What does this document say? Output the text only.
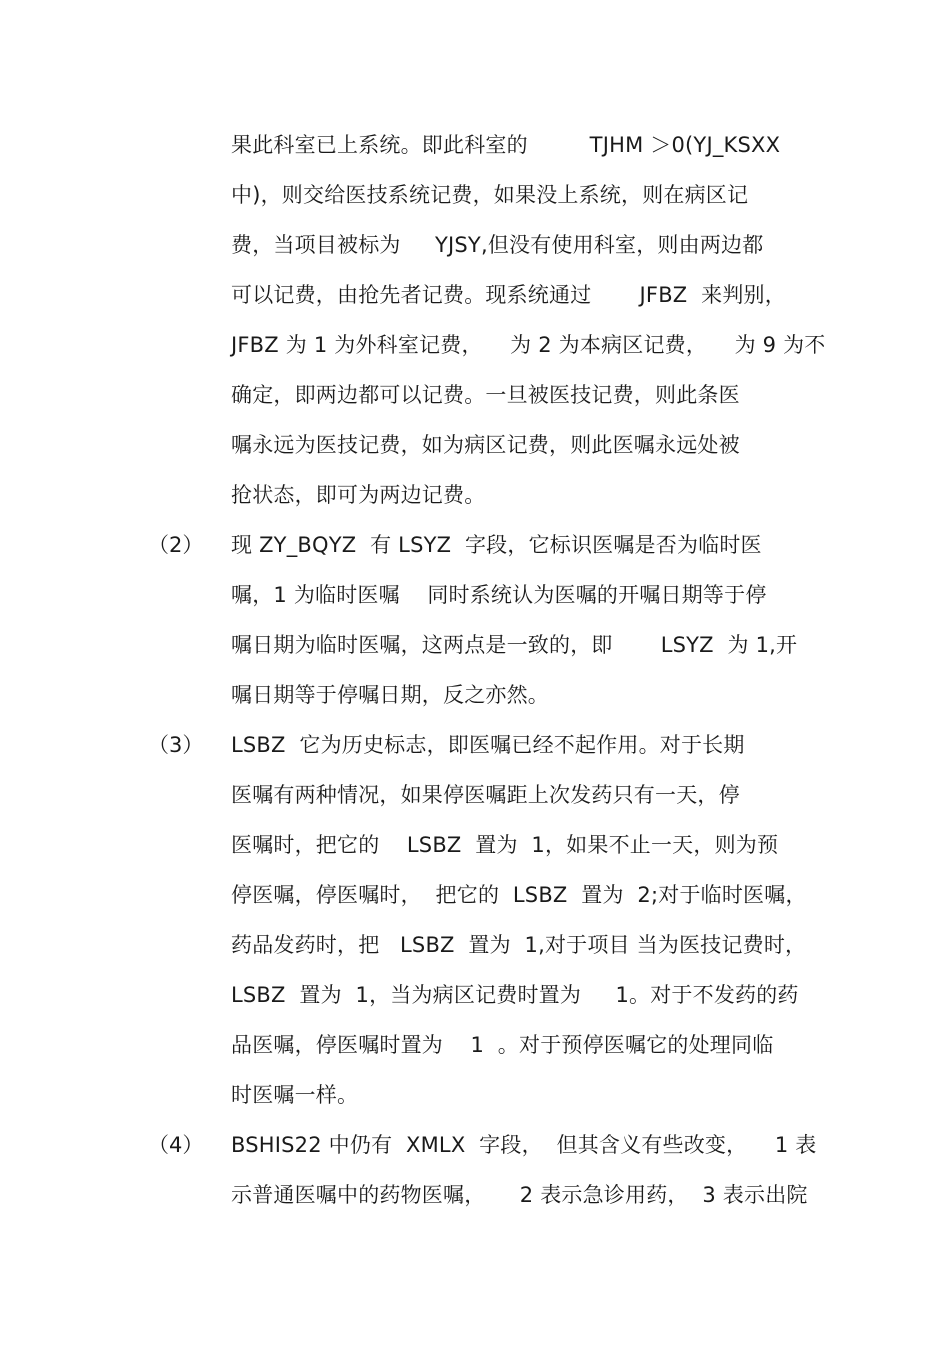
果此科室已上系统。即此科室的         TJHM ＞0(YJ_KSXX
中)，则交给医技系统记费，如果没上系统，则在病区记
费，当项目被标为     YJSY,但没有使用科室，则由两边都
可以记费，由抢先者记费。现系统通过       JFBZ  来判别，
JFBZ 为 1 为外科室记费，    为 2 为本病区记费，    为 9 为不
确定，即两边都可以记费。一旦被医技记费，则此条医
嘱永远为医技记费，如为病区记费，则此医嘱永远处被
抢状态，即可为两边记费。
（2） 现 ZY_BQYZ  有 LSYZ  字段，它标识医嘱是否为临时医
嘱，1 为临时医嘱    同时系统认为医嘱的开嘱日期等于停
嘱日期为临时医嘱，这两点是一致的，即       LSYZ  为 1,开
嘱日期等于停嘱日期，反之亦然。
（3） LSBZ  它为历史标志，即医嘱已经不起作用。对于长期
医嘱有两种情况，如果停医嘱距上次发药只有一天，停
医嘱时，把它的    LSBZ  置为  1，如果不止一天，则为预
停医嘱，停医嘱时，  把它的  LSBZ  置为  2;对于临时医嘱，
药品发药时，把   LSBZ  置为  1,对于项目 当为医技记费时，
LSBZ  置为  1，当为病区记费时置为     1。对于不发药的药
品医嘱，停医嘱时置为    1  。对于预停医嘱它的处理同临
时医嘱一样。
（4） BSHIS22 中仍有  XMLX  字段，  但其含义有些改变，    1 表
示普通医嘱中的药物医嘱，     2 表示急诊用药，  3 表示出院
